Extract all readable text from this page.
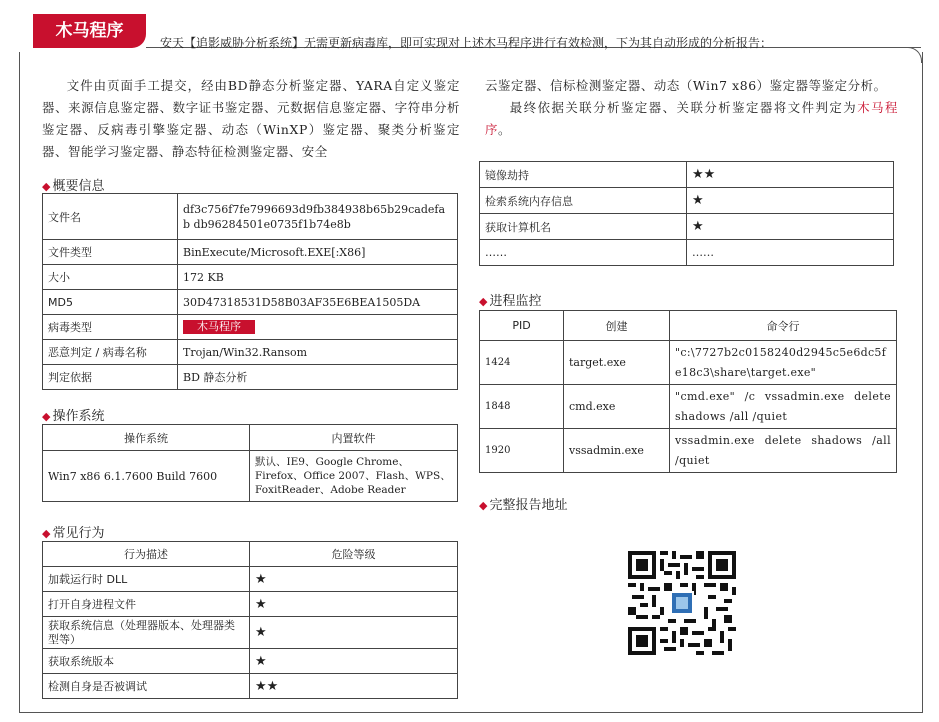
木马程序
安天【追影威胁分析系统】无需更新病毒库，即可实现对上述木马程序进行有效检测，下为其自动形成的分析报告：

文件由页面手工提交，经由BD静态分析鉴定器、YARA自定义鉴定器、来源信息鉴定器、数字证书鉴定器、元数据信息鉴定器、字符串分析鉴定器、反病毒引擎鉴定器、动态（WinXP）鉴定器、聚类分析鉴定器、智能学习鉴定器、静态特征检测鉴定器、安全

云鉴定器、信标检测鉴定器、动态（Win7 x86）鉴定器等鉴定分析。

最终依据关联分析鉴定器、关联分析鉴定器将文件判定为木马程序。

◆ 概要信息
文件名	df3c756f7fe7996693d9fb384938b65b29cadefab db96284501e0735f1b74e8b
文件类型	BinExecute/Microsoft.EXE[:X86]
大小	172 KB
MD5	30D47318531D58B03AF35E6BEA1505DA
病毒类型	木马程序
恶意判定 / 病毒名称	Trojan/Win32.Ransom
判定依据	BD 静态分析
◆ 操作系统
操作系统	内置软件
Win7 x86 6.1.7600 Build 7600	默认、IE9、Google Chrome、Firefox、Office 2007、Flash、WPS、FoxitReader、Adobe Reader
◆ 常见行为
行为描述	危险等级
加载运行时 DLL	★
打开自身进程文件	★
获取系统信息（处理器版本、处理器类型等）	★
获取系统版本	★
检测自身是否被调试	★★
镜像劫持	★★
检索系统内存信息	★
获取计算机名	★
……	……
◆ 进程监控
PID	创建	命令行
1424	target.exe	"c:\7727b2c0158240d2945c5e6dc5fe18c3\share\target.exe"
1848	cmd.exe	"cmd.exe" /c vssadmin.exe delete shadows /all /quiet
1920	vssadmin.exe	vssadmin.exe delete shadows /all /quiet
◆ 完整报告地址
